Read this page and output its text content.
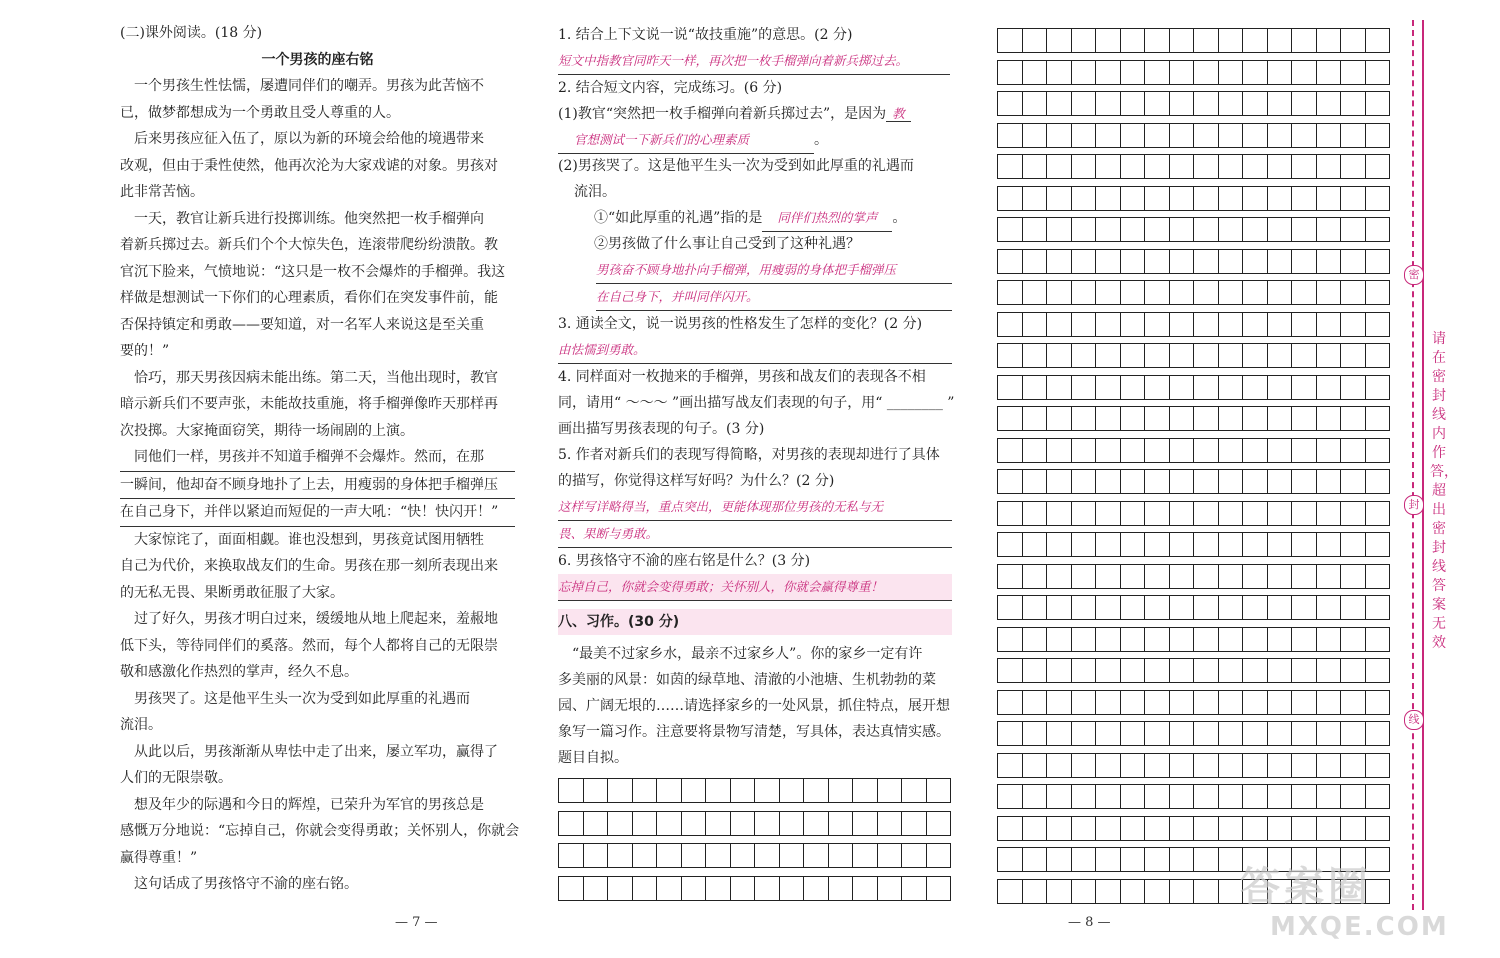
(二)课外阅读。(18 分)
一个男孩的座右铭
　一个男孩生性怯懦，屡遭同伴们的嘲弄。男孩为此苦恼不
已，做梦都想成为一个勇敢且受人尊重的人。
　后来男孩应征入伍了，原以为新的环境会给他的境遇带来
改观，但由于秉性使然，他再次沦为大家戏谑的对象。男孩对
此非常苦恼。
　一天，教官让新兵进行投掷训练。他突然把一枚手榴弹向
着新兵掷过去。新兵们个个大惊失色，连滚带爬纷纷溃散。教
官沉下脸来，气愤地说：“这只是一枚不会爆炸的手榴弹。我这
样做是想测试一下你们的心理素质，看你们在突发事件前，能
否保持镇定和勇敢——要知道，对一名军人来说这是至关重
要的！”
　恰巧，那天男孩因病未能出练。第二天，当他出现时，教官
暗示新兵们不要声张，未能故技重施，将手榴弹像昨天那样再
次投掷。大家掩面窃笑，期待一场闹剧的上演。
　同他们一样，男孩并不知道手榴弹不会爆炸。然而，在那
一瞬间，他却奋不顾身地扑了上去，用瘦弱的身体把手榴弹压
在自己身下，并伴以紧迫而短促的一声大吼：“快！快闪开！”
　大家惊诧了，面面相觑。谁也没想到，男孩竟试图用牺牲
自己为代价，来换取战友们的生命。男孩在那一刻所表现出来
的无私无畏、果断勇敢征服了大家。
　过了好久，男孩才明白过来，缓缓地从地上爬起来，羞赧地
低下头，等待同伴们的奚落。然而，每个人都将自己的无限崇
敬和感激化作热烈的掌声，经久不息。
　男孩哭了。这是他平生头一次为受到如此厚重的礼遇而
流泪。
　从此以后，男孩渐渐从卑怯中走了出来，屡立军功，赢得了
人们的无限崇敬。
　想及年少的际遇和今日的辉煌，已荣升为军官的男孩总是
感慨万分地说：“忘掉自己，你就会变得勇敢；关怀别人，你就会
赢得尊重！”
　这句话成了男孩恪守不渝的座右铭。
— 7 —
1. 结合上下文说一说“故技重施”的意思。(2 分)
短文中指教官同昨天一样，再次把一枚手榴弹向着新兵掷过去。
2. 结合短文内容，完成练习。(6 分)
(1)教官“突然把一枚手榴弹向着新兵掷过去”，是因为 教
官想测试一下新兵们的心理素质	。
(2)男孩哭了。这是他平生头一次为受到如此厚重的礼遇而
流泪。
①“如此厚重的礼遇”指的是 同伴们热烈的掌声 。
②男孩做了什么事让自己受到了这种礼遇？
男孩奋不顾身地扑向手榴弹，用瘦弱的身体把手榴弹压
在自己身下，并叫同伴闪开。
3. 通读全文，说一说男孩的性格发生了怎样的变化？(2 分)
由怯懦到勇敢。
4. 同样面对一枚抛来的手榴弹，男孩和战友们的表现各不相
同，请用“ ～～～ ”画出描写战友们表现的句子，用“ ________ ”
画出描写男孩表现的句子。(3 分)
5. 作者对新兵们的表现写得简略，对男孩的表现却进行了具体
的描写，你觉得这样写好吗？为什么？(2 分)
这样写详略得当，重点突出，更能体现那位男孩的无私与无
畏、果断与勇敢。
6. 男孩恪守不渝的座右铭是什么？(3 分)
忘掉自己，你就会变得勇敢；关怀别人，你就会赢得尊重！
八、习作。(30 分)
　“最美不过家乡水，最亲不过家乡人”。你的家乡一定有许
多美丽的风景：如茵的绿草地、清澈的小池塘、生机勃勃的菜
园、广阔无垠的……请选择家乡的一处风景，抓住特点，展开想
象写一篇习作。注意要将景物写清楚，写具体，表达真情实感。
题目自拟。
— 8 —
密
封
线
请在密封线内作答，超出密封线答案无效
答案圈
MXQE.COM
